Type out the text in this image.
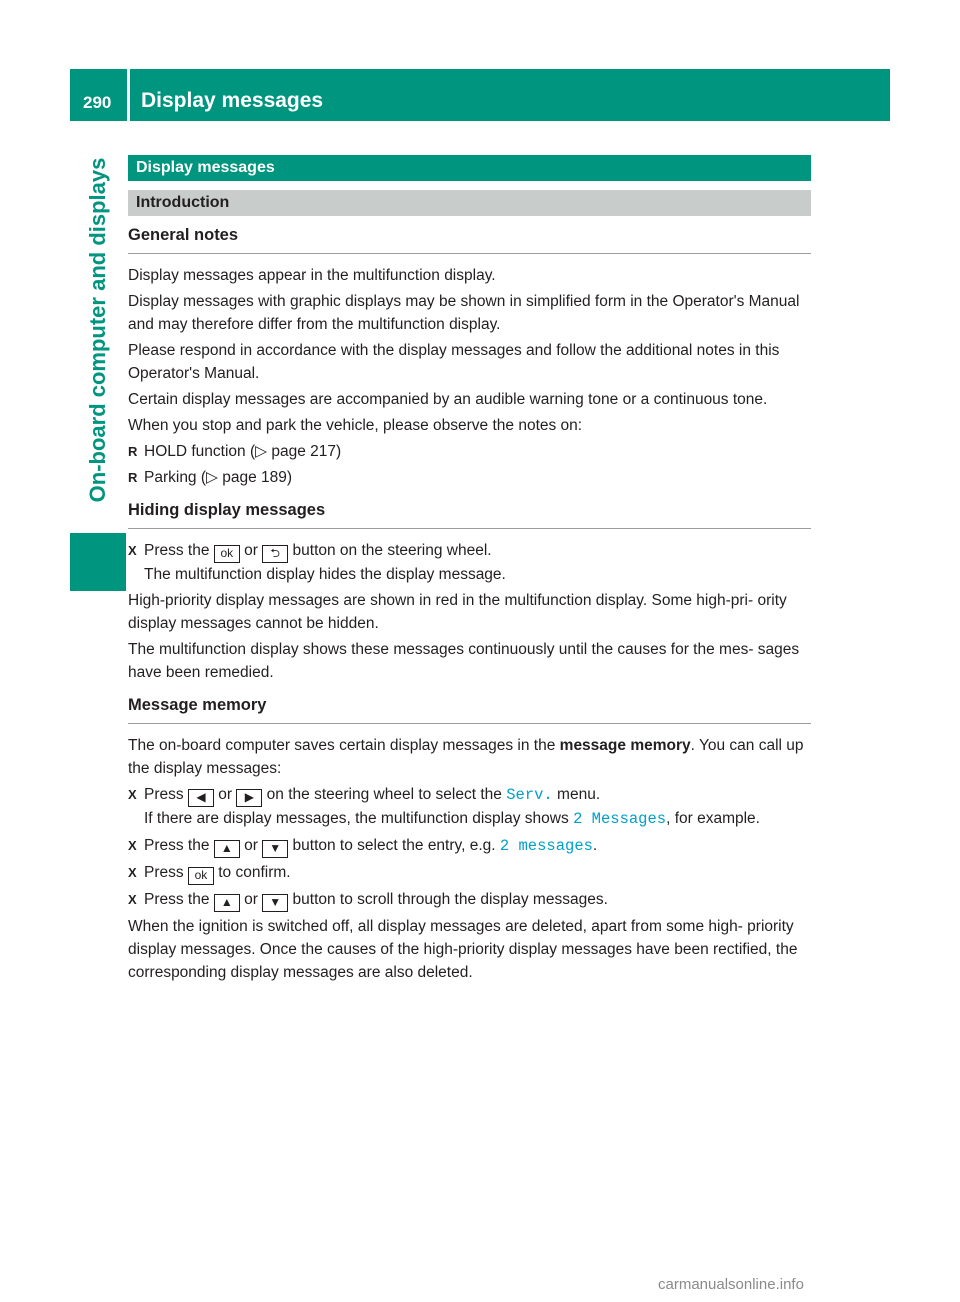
290 Display messages
On-board computer and displays	Display messages
Introduction
General notes

Display messages appear in the multifunction display.

Display messages with graphic displays may be shown in simplified form in the Operator's Manual and may therefore differ from the multifunction display.

Please respond in accordance with the display messages and follow the additional notes in this Operator's Manual.

Certain display messages are accompanied by an audible warning tone or a continuous tone.

When you stop and park the vehicle, please observe the notes on:

R HOLD function (▷ page 217)
R Parking (▷ page 189)
Hiding display messages
X Press the ok or ⮌ button on the steering wheel.
The multifunction display hides the display message.

High-priority display messages are shown in red in the multifunction display. Some high-pri- ority display messages cannot be hidden.

The multifunction display shows these messages continuously until the causes for the mes- sages have been remedied.

Message memory

The on-board computer saves certain display messages in the message memory. You can call up the display messages:

X Press ◀ or ▶ on the steering wheel to select the Serv. menu.
If there are display messages, the multifunction display shows 2 Messages, for example.
X Press the ▲ or ▼ button to select the entry, e.g. 2 messages.
X Press ok to confirm.
X Press the ▲ or ▼ button to scroll through the display messages.

When the ignition is switched off, all display messages are deleted, apart from some high- priority display messages. Once the causes of the high-priority display messages have been rectified, the corresponding display messages are also deleted.

carmanualsonline.info
